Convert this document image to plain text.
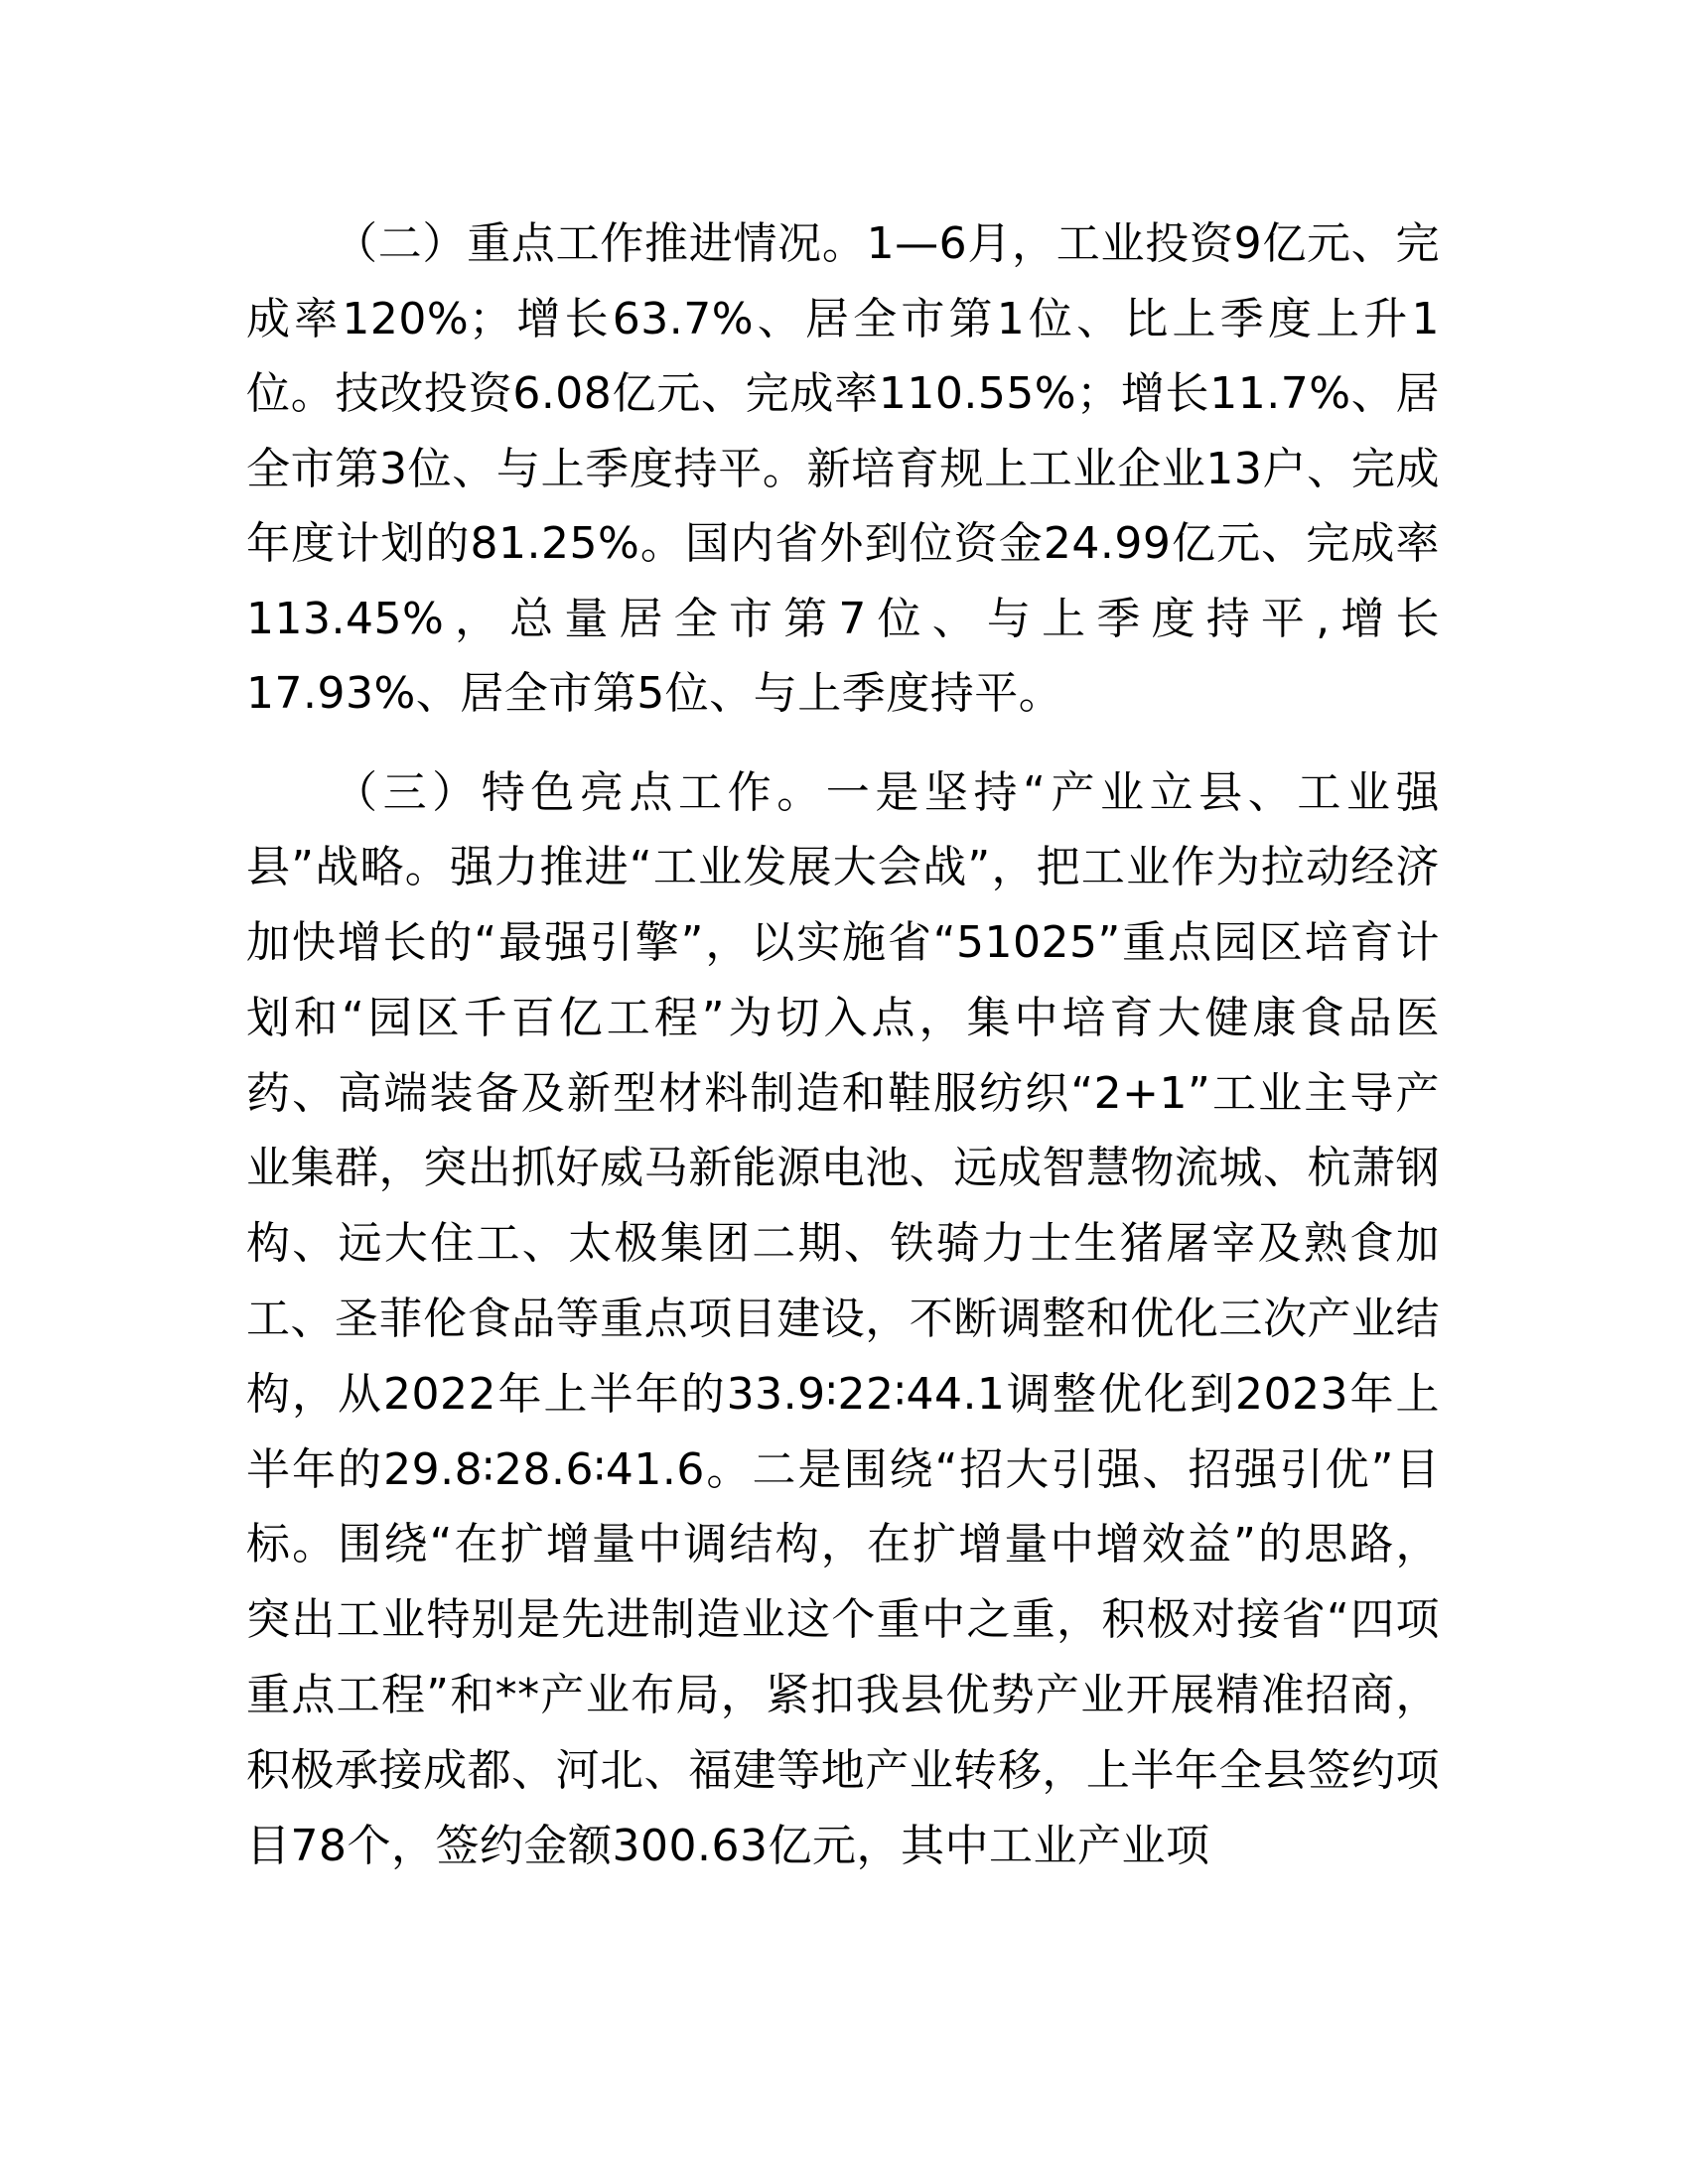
（二）重点工作推进情况。1—6月，工业投资9亿元、完成率120%；增长63.7%、居全市第1位、比上季度上升1位。技改投资6.08亿元、完成率110.55%；增长11.7%、居全市第3位、与上季度持平。新培育规上工业企业13户、完成年度计划的81.25%。国内省外到位资金24.99亿元、完成率113.45%，总量居全市第7位、与上季度持平,增长17.93%、居全市第5位、与上季度持平。

（三）特色亮点工作。一是坚持“产业立县、工业强县”战略。强力推进“工业发展大会战”，把工业作为拉动经济加快增长的“最强引擎”，以实施省“51025”重点园区培育计划和“园区千百亿工程”为切入点，集中培育大健康食品医药、高端装备及新型材料制造和鞋服纺织“2+1”工业主导产业集群，突出抓好威马新能源电池、远成智慧物流城、杭萧钢构、远大住工、太极集团二期、铁骑力士生猪屠宰及熟食加工、圣菲伦食品等重点项目建设，不断调整和优化三次产业结构，从2022年上半年的33.9∶22∶44.1调整优化到2023年上半年的29.8∶28.6∶41.6。二是围绕“招大引强、招强引优”目标。围绕“在扩增量中调结构，在扩增量中增效益”的思路，突出工业特别是先进制造业这个重中之重，积极对接省“四项重点工程”和**产业布局，紧扣我县优势产业开展精准招商，积极承接成都、河北、福建等地产业转移，上半年全县签约项目78个，签约金额300.63亿元，其中工业产业项
